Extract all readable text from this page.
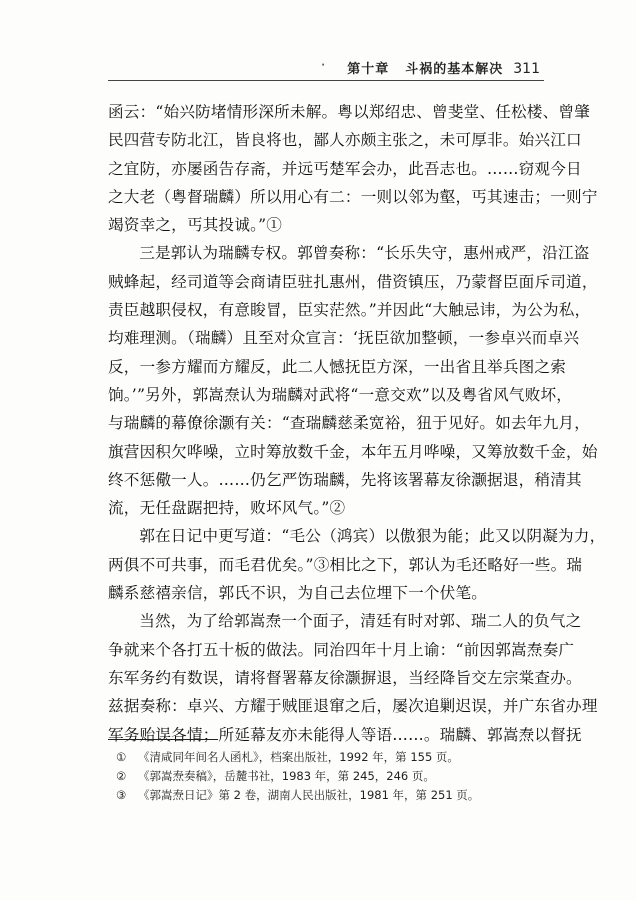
· 第十章 斗祸的基本解决 311

函云：“始兴防堵情形深所未解。粤以郑绍忠、曾斐堂、任松楼、曾肇
民四营专防北江，皆良将也，鄙人亦颇主张之，未可厚非。始兴江口
之宜防，亦屡函告存斋，并远丐楚军会办，此吾志也。……窃观今日
之大老（粤督瑞麟）所以用心有二：一则以邻为壑，丐其速击；一则宁
竭资幸之，丐其投诚。”①

三是郭认为瑞麟专权。郭曾奏称：“长乐失守，惠州戒严，沿江盗
贼蜂起，经司道等会商请臣驻扎惠州，借资镇压，乃蒙督臣面斥司道，
责臣越职侵权，有意睃冒，臣实茫然。”并因此“大触忌讳，为公为私，
均难理测。（瑞麟）且至对众宣言：‘抚臣欲加整顿，一参卓兴而卓兴
反，一参方耀而方耀反，此二人憾抚臣方深，一出省且举兵图之索
饷。’”另外，郭嵩焘认为瑞麟对武将“一意交欢”以及粤省风气败坏，
与瑞麟的幕僚徐灏有关：“查瑞麟慈柔宽裕，狃于见好。如去年九月，
旗营因积欠哗噪，立时筹放数千金，本年五月哗噪，又筹放数千金，始
终不惩儆一人。……仍乞严饬瑞麟，先将该署幕友徐灏据退，稍清其
流，无任盘踞把持，败坏风气。”②

郭在日记中更写道：“毛公（鸿宾）以傲狠为能；此又以阴凝为力，
两俱不可共事，而毛君优矣。”③相比之下，郭认为毛还略好一些。瑞
麟系慈禧亲信，郭氏不识，为自己去位埋下一个伏笔。

当然，为了给郭嵩焘一个面子，清廷有时对郭、瑞二人的负气之
争就来个各打五十板的做法。同治四年十月上谕：“前因郭嵩焘奏广
东军务约有数误，请将督署幕友徐灏摒退，当经降旨交左宗棠查办。
兹据奏称：卓兴、方耀于贼匪退窜之后，屡次追剿迟误，并广东省办理
军务贻误各情；所延幕友亦未能得人等语……。瑞麟、郭嵩焘以督抚

①	《清咸同年间名人函札》，档案出版社，1992 年，第 155 页。
②	《郭嵩焘奏稿》，岳麓书社，1983 年，第 245，246 页。
③	《郭嵩焘日记》第 2 卷，湖南人民出版社，1981 年，第 251 页。
